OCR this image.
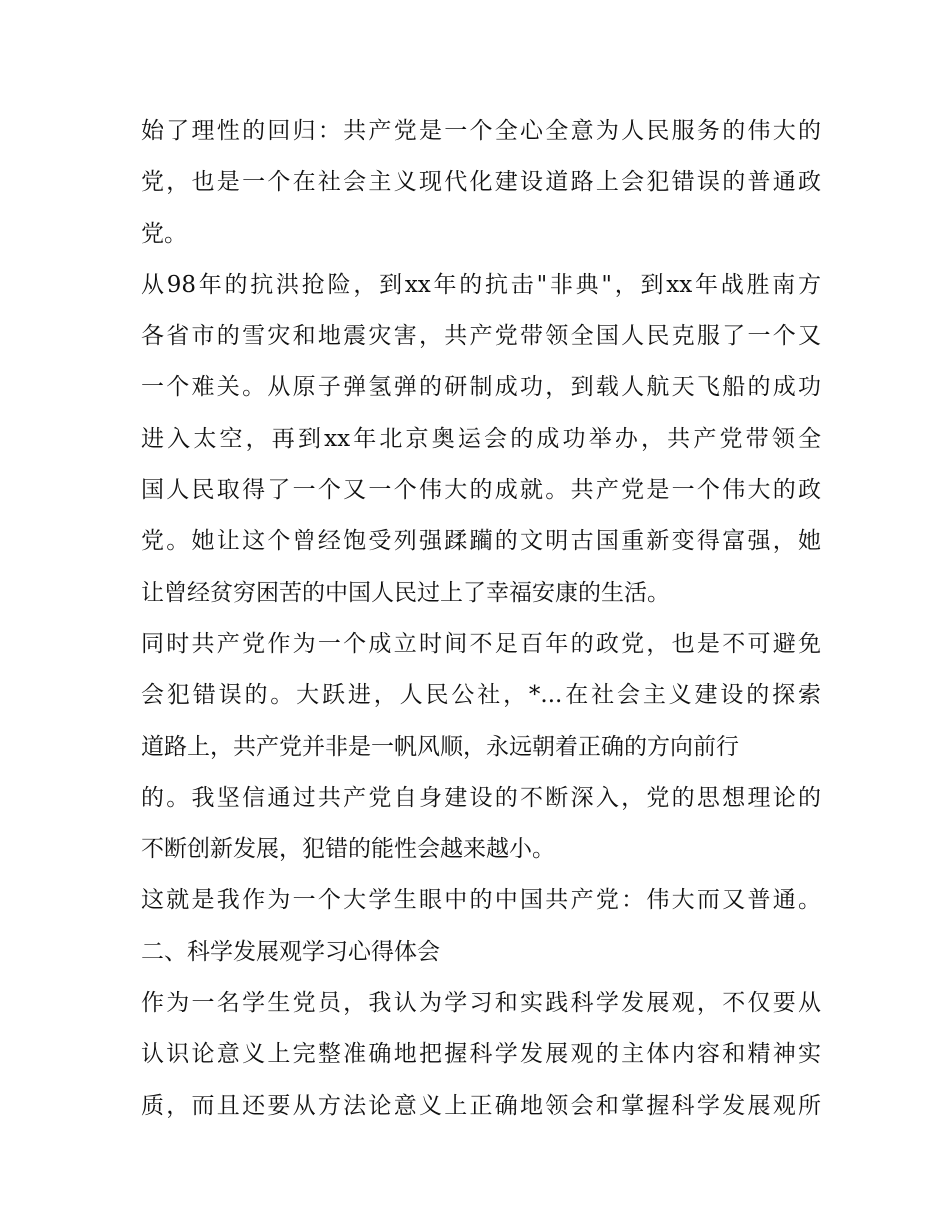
始了理性的回归：共产党是一个全心全意为人民服务的伟大的
党，也是一个在社会主义现代化建设道路上会犯错误的普通政
党。
从98年的抗洪抢险，到xx年的抗击"非典"，到xx年战胜南方
各省市的雪灾和地震灾害，共产党带领全国人民克服了一个又
一个难关。从原子弹氢弹的研制成功，到载人航天飞船的成功
进入太空，再到xx年北京奥运会的成功举办，共产党带领全
国人民取得了一个又一个伟大的成就。共产党是一个伟大的政
党。她让这个曾经饱受列强蹂躏的文明古国重新变得富强，她
让曾经贫穷困苦的中国人民过上了幸福安康的生活。
同时共产党作为一个成立时间不足百年的政党，也是不可避免
会犯错误的。大跃进，人民公社，*...在社会主义建设的探索
道路上，共产党并非是一帆风顺，永远朝着正确的方向前行
的。我坚信通过共产党自身建设的不断深入，党的思想理论的
不断创新发展，犯错的能性会越来越小。
这就是我作为一个大学生眼中的中国共产党：伟大而又普通。
二、科学发展观学习心得体会
作为一名学生党员，我认为学习和实践科学发展观，不仅要从
认识论意义上完整准确地把握科学发展观的主体内容和精神实
质，而且还要从方法论意义上正确地领会和掌握科学发展观所
